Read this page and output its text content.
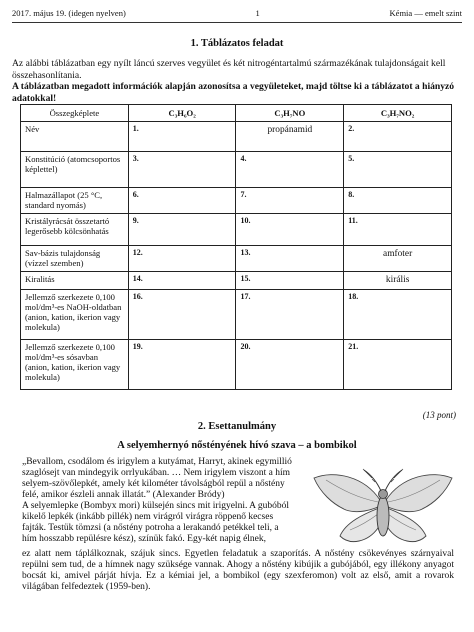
2017. május 19. (idegen nyelven)	1	Kémia — emelt szint
1. Táblázatos feladat

Az alábbi táblázatban egy nyílt láncú szerves vegyület és két nitrogéntartalmú származékának tulajdonságait kell összehasonlítania.

A táblázatban megadott információk alapján azonosítsa a vegyületeket, majd töltse ki a táblázatot a hiányzó adatokkal!

Összegképlete	C₃H₆O₂	C₃H₇NO	C₃H₇NO₂
Név	1.	propánamid	2.

Konstitúció (atomcsoportos képlettel)	3.	4.	5.

Halmazállapot (25 °C, standard nyomás)	6.	7.	8.

Kristályrácsát összetartó legerősebb kölcsönhatás	9.	10.	11.

Sav-bázis tulajdonság (vízzel szemben)	12.	13.	amfoter

Kiralitás	14.	15.	királis

Jellemző szerkezete 0,100 mol/dm³-es NaOH-oldatban (anion, kation, ikerion vagy molekula)	16.	17.	18.

Jellemző szerkezete 0,100 mol/dm³-es sósavban (anion, kation, ikerion vagy molekula)	19.	20.	21.
(13 pont)
2. Esettanulmány
A selyemhernyó nőstényének hívó szava – a bombikol

„Bevallom, csodálom és irigylem a kutyámat, Harryt, akinek egymillió szaglósejt van mindegyik orrlyukában. … Nem irigylem viszont a hím selyem-szövőlepkét, amely két kilométer távolságból repül a nőstény felé, amikor észleli annak illatát.” (Alexander Bródy)

A selyemlepke (Bombyx mori) külsején sincs mit irigyelni. A gubóból kikelő lepkék (inkább pillék) nem virágról virágra röppenő kecses fajták. Testük tömzsi (a nőstény potroha a lerakandó petékkel teli, a hím hosszabb repülésre kész), színük fakó. Egy-két napig élnek,

ez alatt nem táplálkoznak, szájuk sincs. Egyetlen feladatuk a szaporítás. A nőstény csökevényes szárnyaival repülni sem tud, de a hímnek nagy szüksége vannak. Ahogy a nőstény kibújik a gubójából, egy illékony anyagot bocsát ki, amivel párját hívja. Ez a kémiai jel, a bombikol (egy szexferomon) volt az első, amit a rovarok világában felfedeztek (1959-ben).
